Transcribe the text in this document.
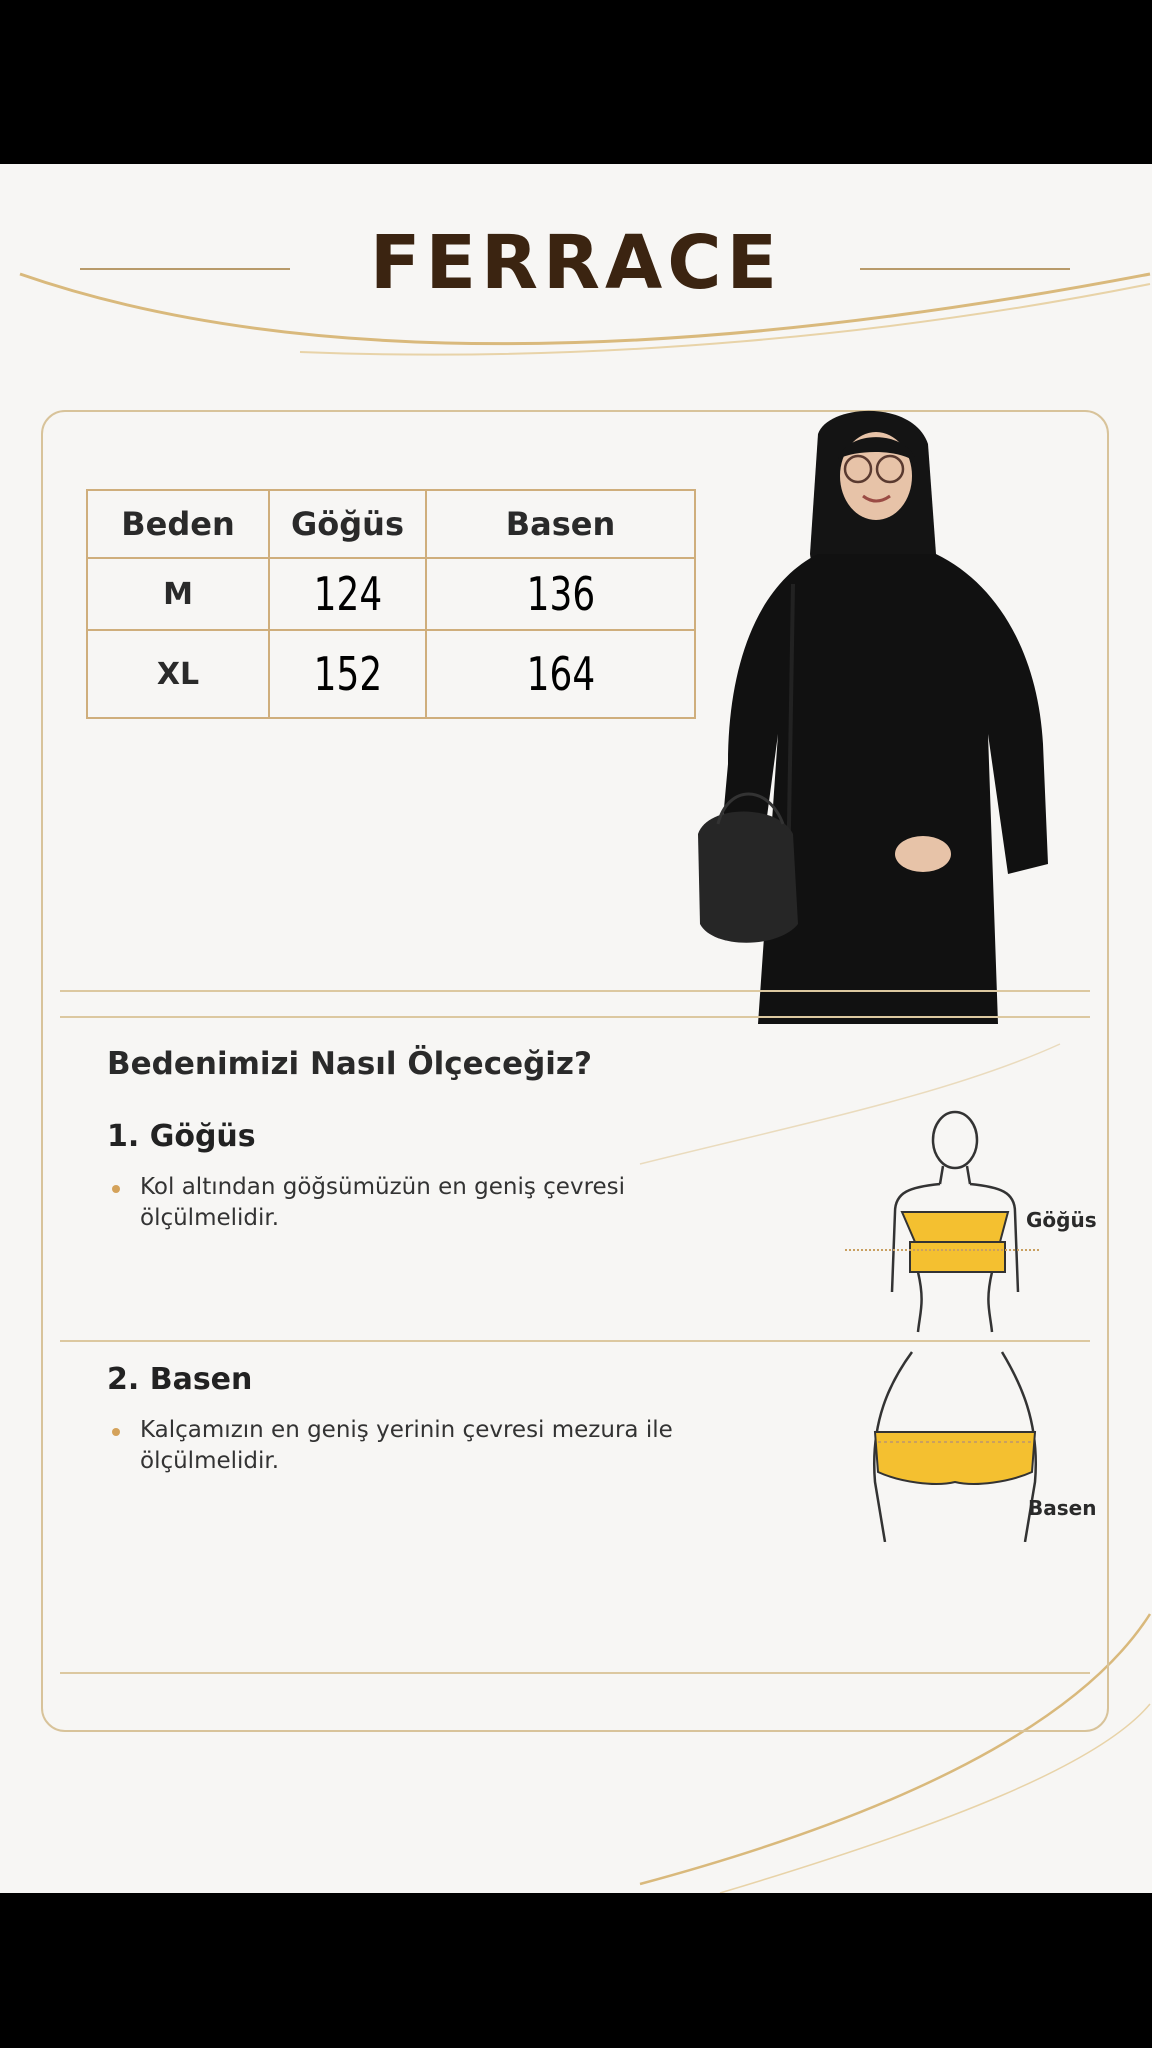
FERRACE
Beden	Göğüs	Basen
M	124	136
XL	152	164
Bedenimizi Nasıl Ölçeceğiz?
1. Göğüs
Kol altından göğsümüzün en geniş çevresi ölçülmelidir.
2. Basen
Kalçamızın en geniş yerinin çevresi mezura ile ölçülmelidir.
Göğüs
Basen
